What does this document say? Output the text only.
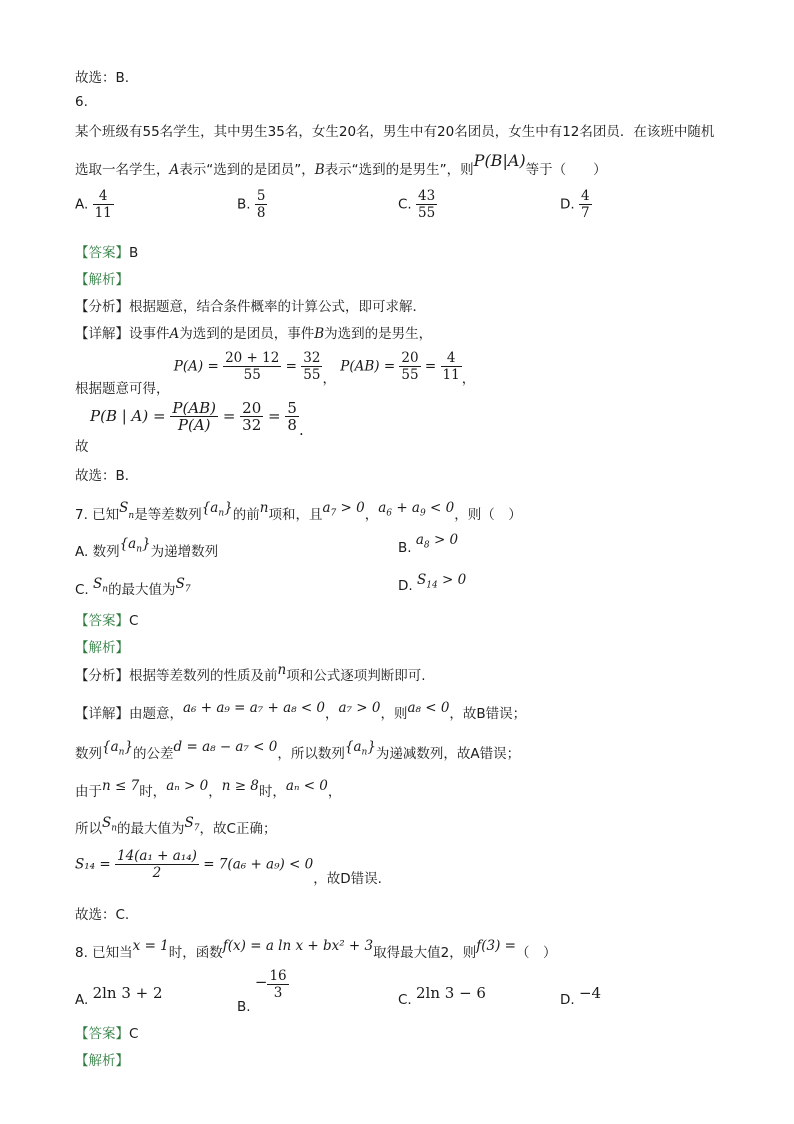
故选：B.
6.
某个班级有55名学生，其中男生35名，女生20名，男生中有20名团员，女生中有12名团员．在该班中随机
选取一名学生，A表示“选到的是团员”，B表示“选到的是男生”，则P(B|A)等于（　　）
A. $\frac{4}{11}$	B. $\frac{5}{8}$	C. $\frac{43}{55}$	D. $\frac{4}{7}$
【答案】B
【解析】
【分析】根据题意，结合条件概率的计算公式，即可求解．
【详解】设事件A为选到的是团员，事件B为选到的是男生，
根据题意可得， $P(A) = \frac{20 + 12}{55} = \frac{32}{55}$ ， $P(AB) = \frac{20}{55} = \frac{4}{11}$ ，
P(B | $A) = \frac{P(AB)}{P(A)} = \frac{20}{32} = \frac{5}{8}$ .
故
故选：B．
7. 已知$S_n$是等差数列$\{a_n\}$的前n项和，且$a_7 > 0$，$a_6 + a_9 < 0$，则（　）
A. 数列$\{a_n\}$为递增数列	B. $a_8 > 0$
C. $S_n$的最大值为$S_7$	D. $S_{14} > 0$
【答案】C
【解析】
【分析】根据等差数列的性质及前n项和公式逐项判断即可.
【详解】由题意，a₆ + a₉ = a₇ + a₈ < 0，a₇ > 0，则a₈ < 0，故B错误；
数列$\{a_n\}$的公差d = a₈ − a₇ < 0，所以数列$\{a_n\}$为递减数列，故A错误；
由于n ≤ 7时，aₙ > 0，n ≥ 8时，aₙ < 0，
所以$S_n$的最大值为$S_7$，故C正确；
$S_{14} = \frac{\text{14(a₁ + a₁₄)}}{2} = 7(a_6 + a_9) < 0$，故D错误.
故选：C.
8. 已知当x = 1时，函数f(x) = a ln x + bx² + 3取得最大值2，则f(3) =（　）
A. 2ln 3 + 2
B. − $\frac{16}{3}$	C. 2ln 3 − 6	D. −4
【答案】C
【解析】
